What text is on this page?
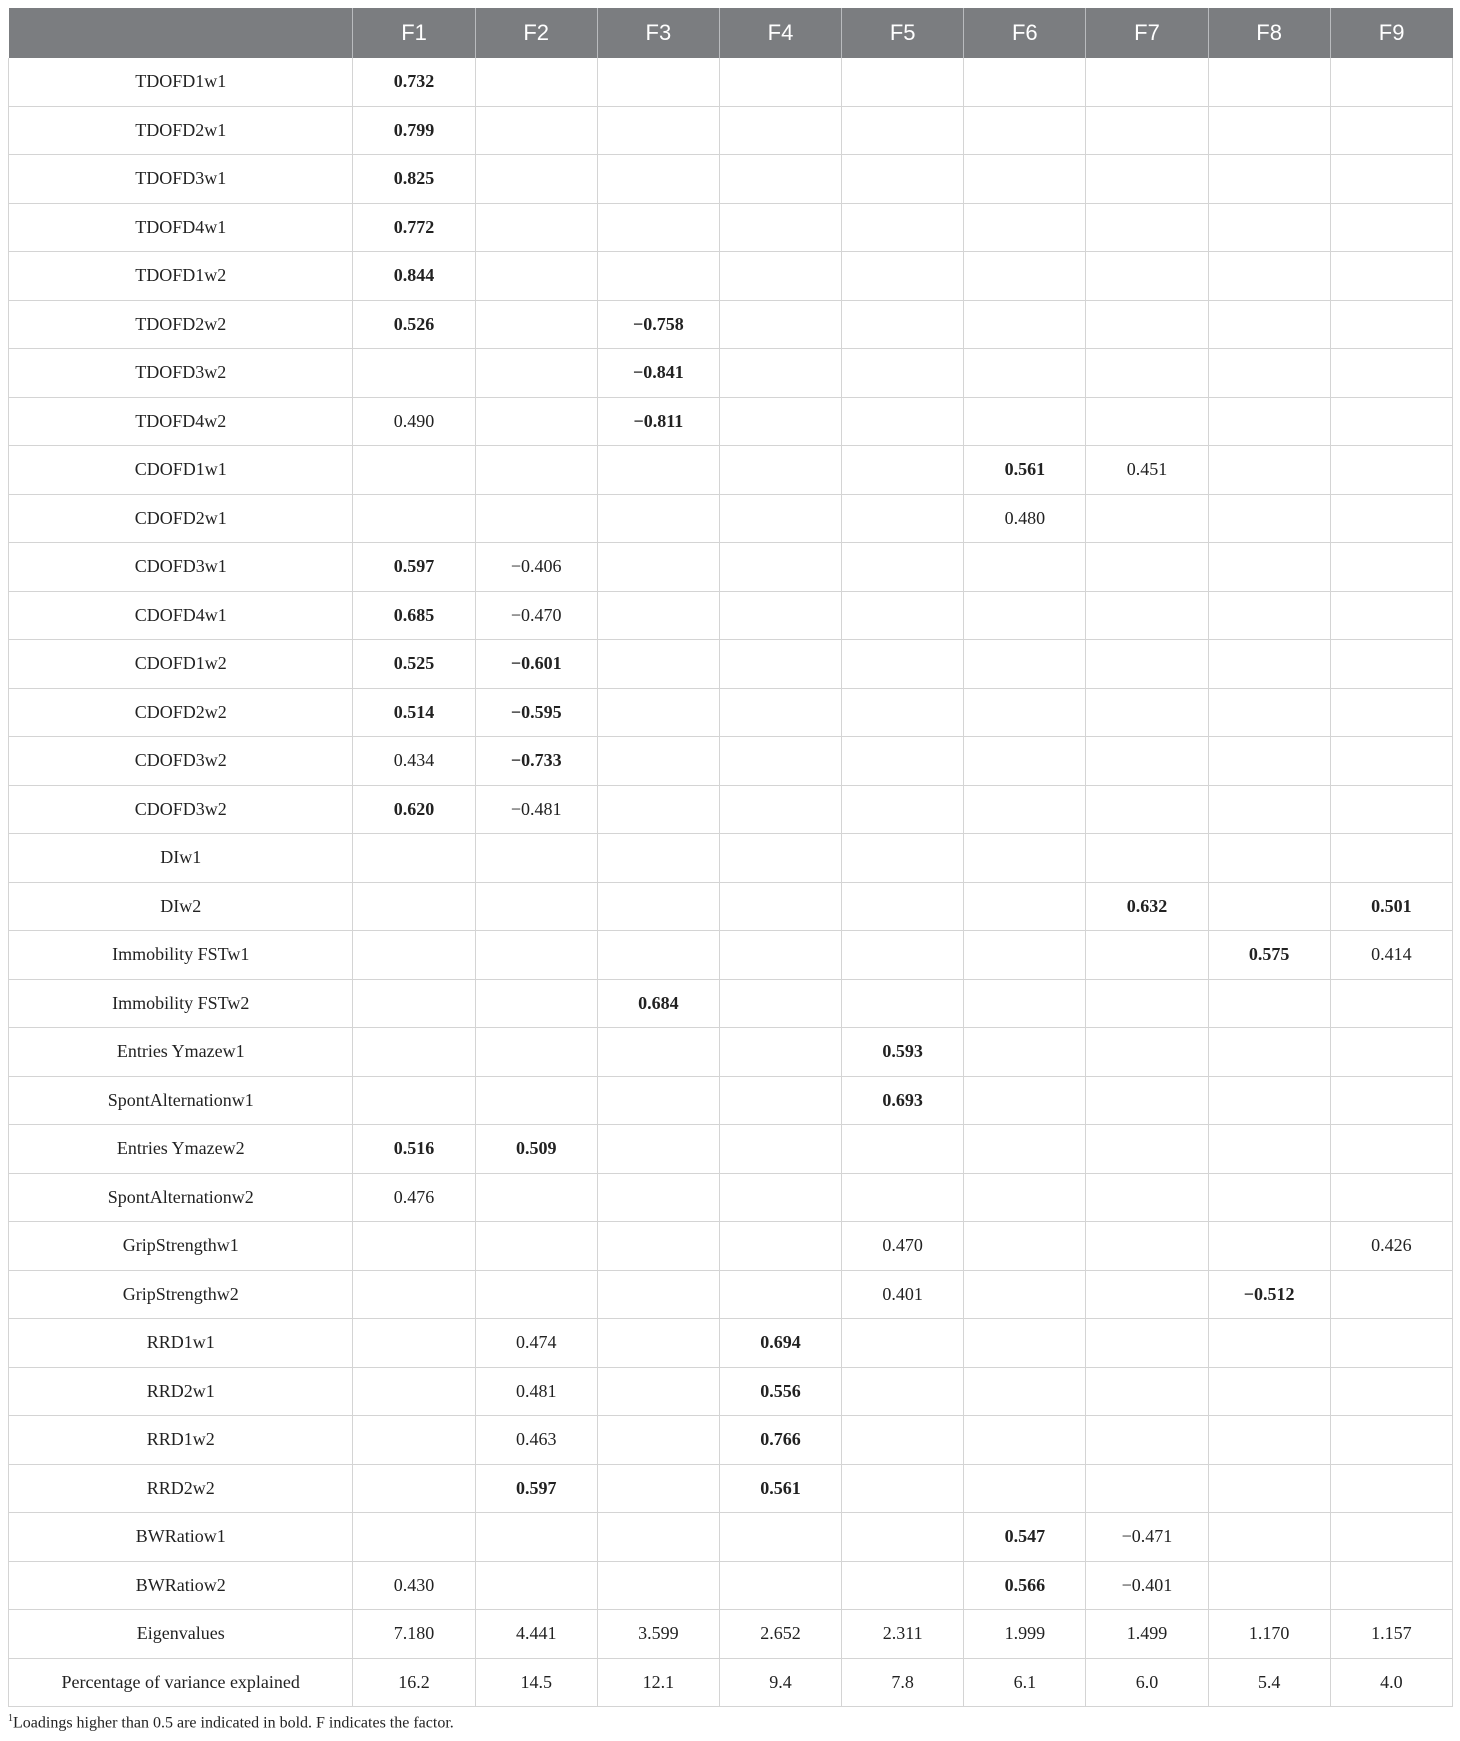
	F1	F2	F3	F4	F5	F6	F7	F8	F9
TDOFD1w1	0.732								
TDOFD2w1	0.799								
TDOFD3w1	0.825								
TDOFD4w1	0.772								
TDOFD1w2	0.844								
TDOFD2w2	0.526		−0.758						
TDOFD3w2			−0.841						
TDOFD4w2	0.490		−0.811						
CDOFD1w1						0.561	0.451		
CDOFD2w1						0.480			
CDOFD3w1	0.597	−0.406							
CDOFD4w1	0.685	−0.470							
CDOFD1w2	0.525	−0.601							
CDOFD2w2	0.514	−0.595							
CDOFD3w2	0.434	−0.733							
CDOFD3w2	0.620	−0.481							
DIw1									
DIw2							0.632		0.501
Immobility FSTw1								0.575	0.414
Immobility FSTw2			0.684						
Entries Ymazew1					0.593				
SpontAlternationw1					0.693				
Entries Ymazew2	0.516	0.509							
SpontAlternationw2	0.476								
GripStrengthw1					0.470				0.426
GripStrengthw2					0.401			−0.512	
RRD1w1		0.474		0.694					
RRD2w1		0.481		0.556					
RRD1w2		0.463		0.766					
RRD2w2		0.597		0.561					
BWRatiow1						0.547	−0.471		
BWRatiow2	0.430					0.566	−0.401		
Eigenvalues	7.180	4.441	3.599	2.652	2.311	1.999	1.499	1.170	1.157
Percentage of variance explained	16.2	14.5	12.1	9.4	7.8	6.1	6.0	5.4	4.0
$^1$Loadings higher than 0.5 are indicated in bold. F indicates the factor.
